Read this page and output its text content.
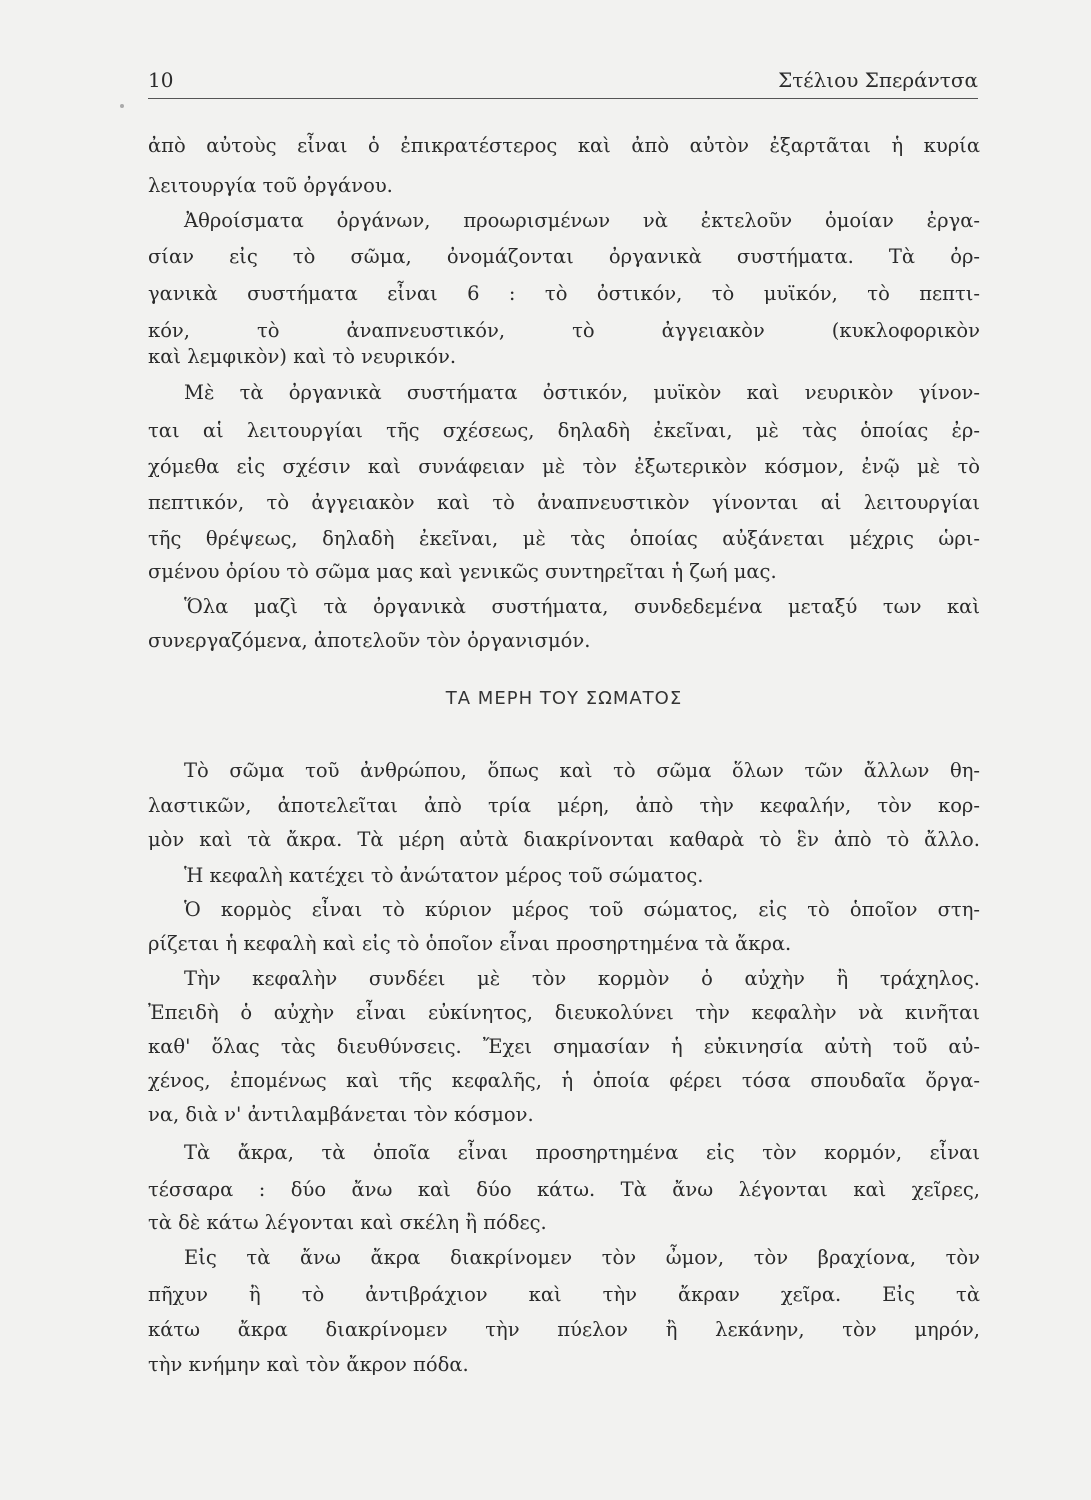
10	Στέλιου Σπεράντσα
ἀπὸ αὐτοὺς εἶναι ὁ ἐπικρατέστερος καὶ ἀπὸ αὐτὸν ἐξαρτᾶται ἡ κυρία
λειτουργία τοῦ ὀργάνου.
Ἀθροίσματα ὀργάνων, προωρισμένων νὰ ἐκτελοῦν ὁμοίαν ἐργα-
σίαν εἰς τὸ σῶμα, ὀνομάζονται ὀργανικὰ συστήματα. Τὰ ὀρ-
γανικὰ συστήματα εἶναι 6 : τὸ ὀστικόν, τὸ μυϊκόν, τὸ πεπτι-
κόν, τὸ ἀναπνευστικόν, τὸ ἀγγειακὸν (κυκλοφορικὸν
καὶ λεμφικὸν) καὶ τὸ νευρικόν.
Μὲ τὰ ὀργανικὰ συστήματα ὀστικόν, μυϊκὸν καὶ νευρικὸν γίνον-
ται αἱ λειτουργίαι τῆς σχέσεως, δηλαδὴ ἐκεῖναι, μὲ τὰς ὁποίας ἐρ-
χόμεθα εἰς σχέσιν καὶ συνάφειαν μὲ τὸν ἐξωτερικὸν κόσμον, ἐνῷ μὲ τὸ
πεπτικόν, τὸ ἀγγειακὸν καὶ τὸ ἀναπνευστικὸν γίνονται αἱ λειτουργίαι
τῆς θρέψεως, δηλαδὴ ἐκεῖναι, μὲ τὰς ὁποίας αὐξάνεται μέχρις ὡρι-
σμένου ὁρίου τὸ σῶμα μας καὶ γενικῶς συντηρεῖται ἡ ζωή μας.
Ὅλα μαζὶ τὰ ὀργανικὰ συστήματα, συνδεδεμένα μεταξύ των καὶ
συνεργαζόμενα, ἀποτελοῦν τὸν ὀργανισμόν.
ΤΑ ΜΕΡΗ ΤΟΥ ΣΩΜΑΤΟΣ
Τὸ σῶμα τοῦ ἀνθρώπου, ὅπως καὶ τὸ σῶμα ὅλων τῶν ἄλλων θη-
λαστικῶν, ἀποτελεῖται ἀπὸ τρία μέρη, ἀπὸ τὴν κεφαλήν, τὸν κορ-
μὸν καὶ τὰ ἄκρα. Τὰ μέρη αὐτὰ διακρίνονται καθαρὰ τὸ ἓν ἀπὸ τὸ ἄλλο.
Ἡ κεφαλὴ κατέχει τὸ ἀνώτατον μέρος τοῦ σώματος.
Ὁ κορμὸς εἶναι τὸ κύριον μέρος τοῦ σώματος, εἰς τὸ ὁποῖον στη-
ρίζεται ἡ κεφαλὴ καὶ εἰς τὸ ὁποῖον εἶναι προσηρτημένα τὰ ἄκρα.
Τὴν κεφαλὴν συνδέει μὲ τὸν κορμὸν ὁ αὐχὴν ἢ τράχηλος.
Ἐπειδὴ ὁ αὐχὴν εἶναι εὐκίνητος, διευκολύνει τὴν κεφαλὴν νὰ κινῆται
καθ' ὅλας τὰς διευθύνσεις. Ἔχει σημασίαν ἡ εὐκινησία αὐτὴ τοῦ αὐ-
χένος, ἐπομένως καὶ τῆς κεφαλῆς, ἡ ὁποία φέρει τόσα σπουδαῖα ὄργα-
να, διὰ ν' ἀντιλαμβάνεται τὸν κόσμον.
Τὰ ἄκρα, τὰ ὁποῖα εἶναι προσηρτημένα εἰς τὸν κορμόν, εἶναι
τέσσαρα : δύο ἄνω καὶ δύο κάτω. Τὰ ἄνω λέγονται καὶ χεῖρες,
τὰ δὲ κάτω λέγονται καὶ σκέλη ἢ πόδες.
Εἰς τὰ ἄνω ἄκρα διακρίνομεν τὸν ὦμον, τὸν βραχίονα, τὸν
πῆχυν ἢ τὸ ἀντιβράχιον καὶ τὴν ἄκραν χεῖρα. Εἰς τὰ
κάτω ἄκρα διακρίνομεν τὴν πύελον ἢ λεκάνην, τὸν μηρόν,
τὴν κνήμην καὶ τὸν ἄκρον πόδα.
